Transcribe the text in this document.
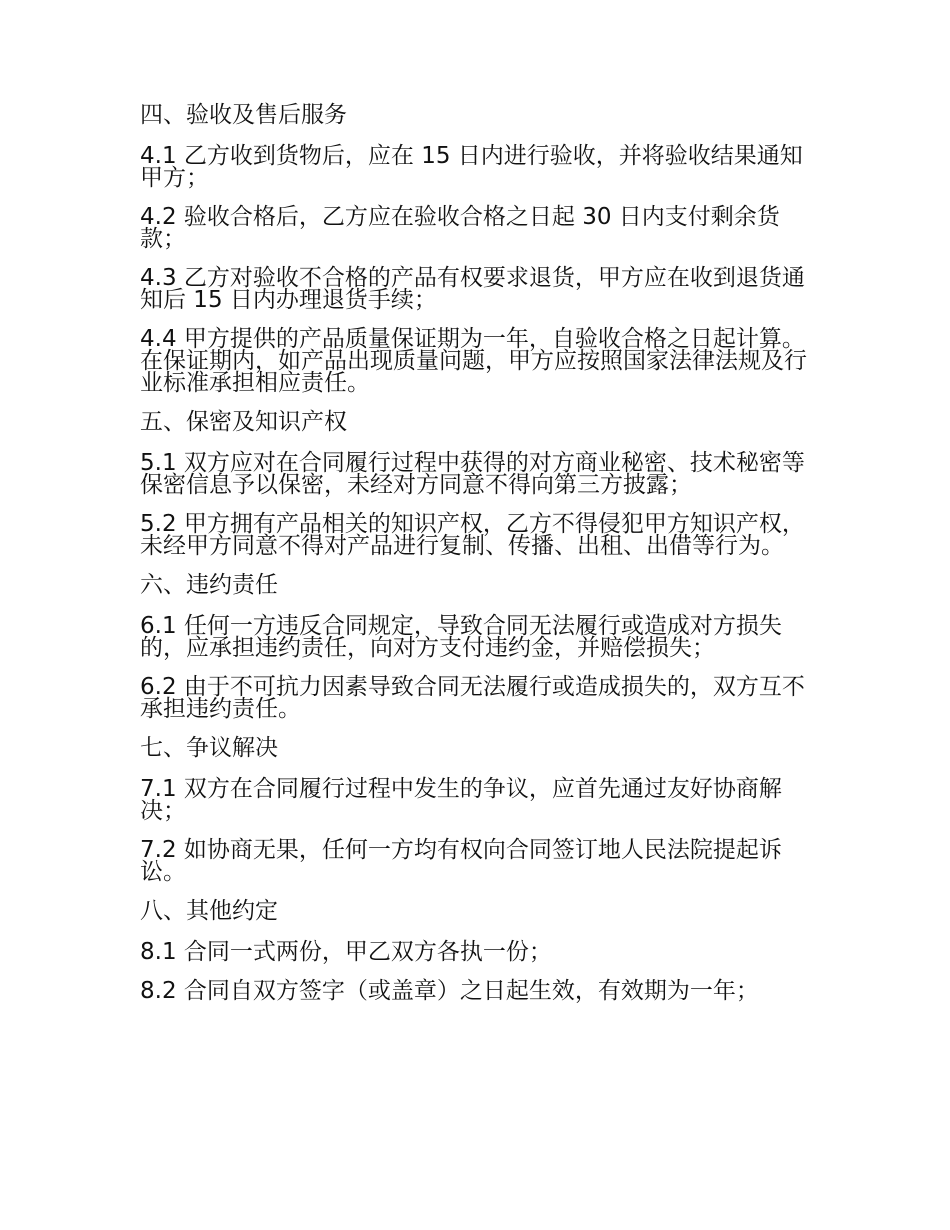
四、验收及售后服务

4.1 乙方收到货物后，应在 15 日内进行验收，并将验收结果通知甲方；

4.2 验收合格后，乙方应在验收合格之日起 30 日内支付剩余货款；

4.3 乙方对验收不合格的产品有权要求退货，甲方应在收到退货通知后 15 日内办理退货手续；

4.4 甲方提供的产品质量保证期为一年，自验收合格之日起计算。在保证期内，如产品出现质量问题，甲方应按照国家法律法规及行业标准承担相应责任。

五、保密及知识产权

5.1 双方应对在合同履行过程中获得的对方商业秘密、技术秘密等保密信息予以保密，未经对方同意不得向第三方披露；

5.2 甲方拥有产品相关的知识产权，乙方不得侵犯甲方知识产权，未经甲方同意不得对产品进行复制、传播、出租、出借等行为。

六、违约责任

6.1 任何一方违反合同规定，导致合同无法履行或造成对方损失的，应承担违约责任，向对方支付违约金，并赔偿损失；

6.2 由于不可抗力因素导致合同无法履行或造成损失的，双方互不承担违约责任。

七、争议解决

7.1 双方在合同履行过程中发生的争议，应首先通过友好协商解决；

7.2 如协商无果，任何一方均有权向合同签订地人民法院提起诉讼。

八、其他约定

8.1 合同一式两份，甲乙双方各执一份；

8.2 合同自双方签字（或盖章）之日起生效，有效期为一年；
